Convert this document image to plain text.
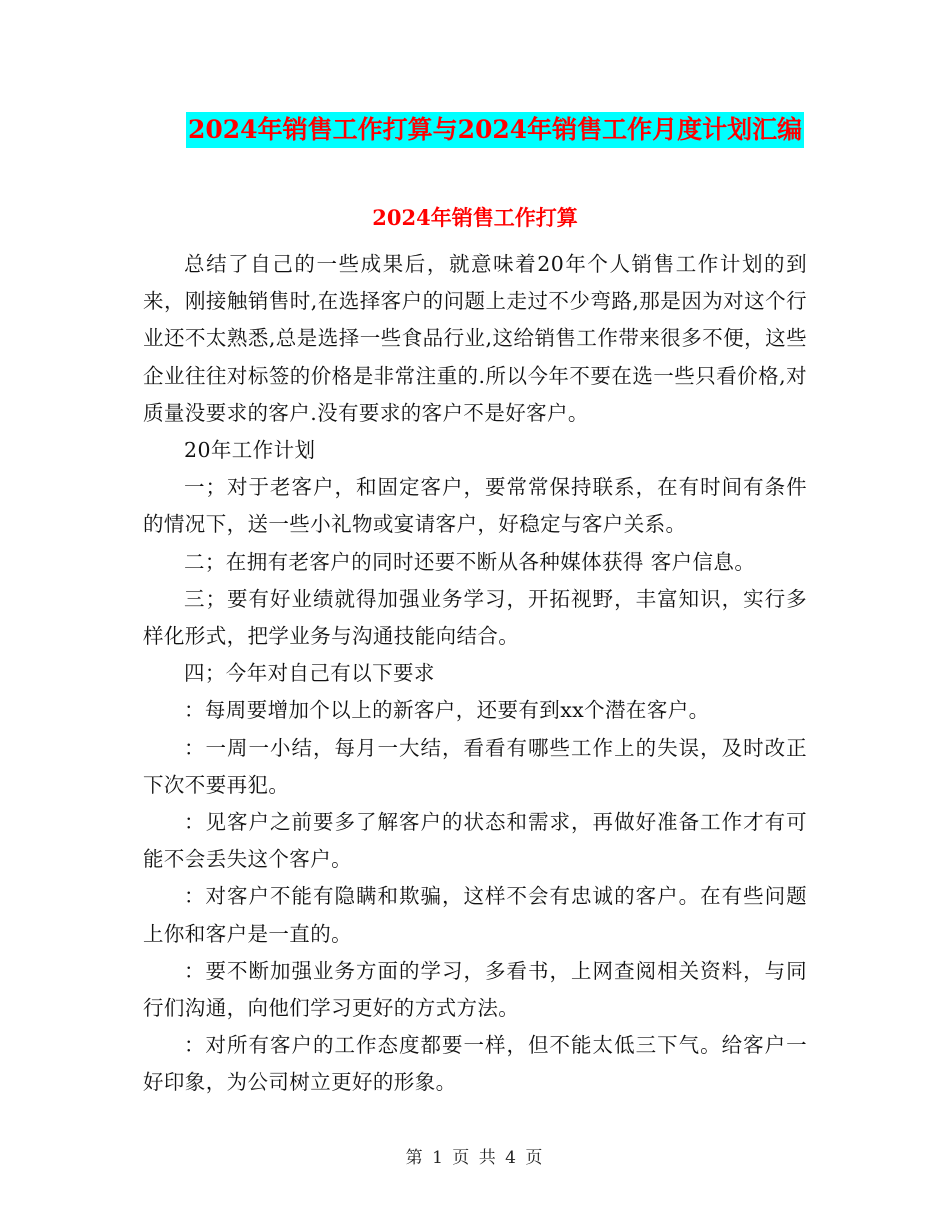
2024年销售工作打算与2024年销售工作月度计划汇编
2024年销售工作打算

总结了自己的一些成果后，就意味着20年个人销售工作计划的到来，刚接触销售时,在选择客户的问题上走过不少弯路,那是因为对这个行业还不太熟悉,总是选择一些食品行业,这给销售工作带来很多不便，这些企业往往对标签的价格是非常注重的.所以今年不要在选一些只看价格,对质量没要求的客户.没有要求的客户不是好客户。

20年工作计划

一；对于老客户，和固定客户，要常常保持联系，在有时间有条件的情况下，送一些小礼物或宴请客户，好稳定与客户关系。

二；在拥有老客户的同时还要不断从各种媒体获得 客户信息。

三；要有好业绩就得加强业务学习，开拓视野，丰富知识，实行多样化形式，把学业务与沟通技能向结合。

四；今年对自己有以下要求

：每周要增加个以上的新客户，还要有到xx个潜在客户。

：一周一小结，每月一大结，看看有哪些工作上的失误，及时改正下次不要再犯。

：见客户之前要多了解客户的状态和需求，再做好准备工作才有可能不会丢失这个客户。

：对客户不能有隐瞒和欺骗，这样不会有忠诚的客户。在有些问题上你和客户是一直的。

：要不断加强业务方面的学习，多看书，上网查阅相关资料，与同行们沟通，向他们学习更好的方式方法。

：对所有客户的工作态度都要一样，但不能太低三下气。给客户一好印象，为公司树立更好的形象。

第 1 页 共 4 页
